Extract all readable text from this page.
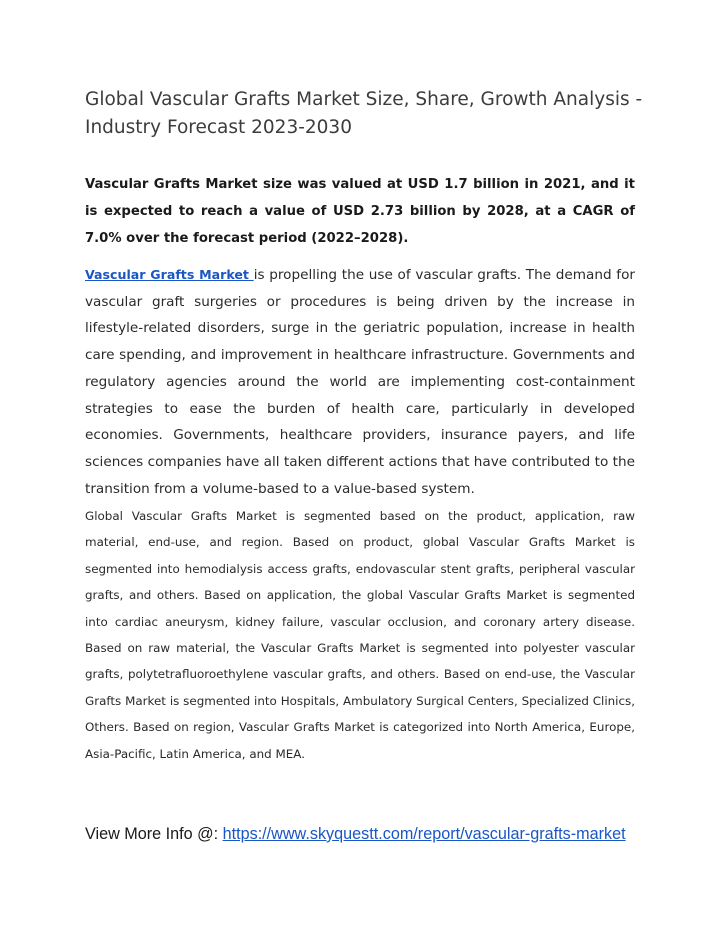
Global Vascular Grafts Market Size, Share, Growth Analysis - Industry Forecast 2023-2030

Vascular Grafts Market size was valued at USD 1.7 billion in 2021, and it is expected to reach a value of USD 2.73 billion by 2028, at a CAGR of 7.0% over the forecast period (2022–2028).

Vascular Grafts Market is propelling the use of vascular grafts. The demand for vascular graft surgeries or procedures is being driven by the increase in lifestyle-related disorders, surge in the geriatric population, increase in health care spending, and improvement in healthcare infrastructure. Governments and regulatory agencies around the world are implementing cost-containment strategies to ease the burden of health care, particularly in developed economies. Governments, healthcare providers, insurance payers, and life sciences companies have all taken different actions that have contributed to the transition from a volume-based to a value-based system.

Global Vascular Grafts Market is segmented based on the product, application, raw material, end-use, and region. Based on product, global Vascular Grafts Market is segmented into hemodialysis access grafts, endovascular stent grafts, peripheral vascular grafts, and others. Based on application, the global Vascular Grafts Market is segmented into cardiac aneurysm, kidney failure, vascular occlusion, and coronary artery disease. Based on raw material, the Vascular Grafts Market is segmented into polyester vascular grafts, polytetrafluoroethylene vascular grafts, and others. Based on end-use, the Vascular Grafts Market is segmented into Hospitals, Ambulatory Surgical Centers, Specialized Clinics, Others. Based on region, Vascular Grafts Market is categorized into North America, Europe, Asia-Pacific, Latin America, and MEA.

View More Info @: https://www.skyquestt.com/report/vascular-grafts-market
